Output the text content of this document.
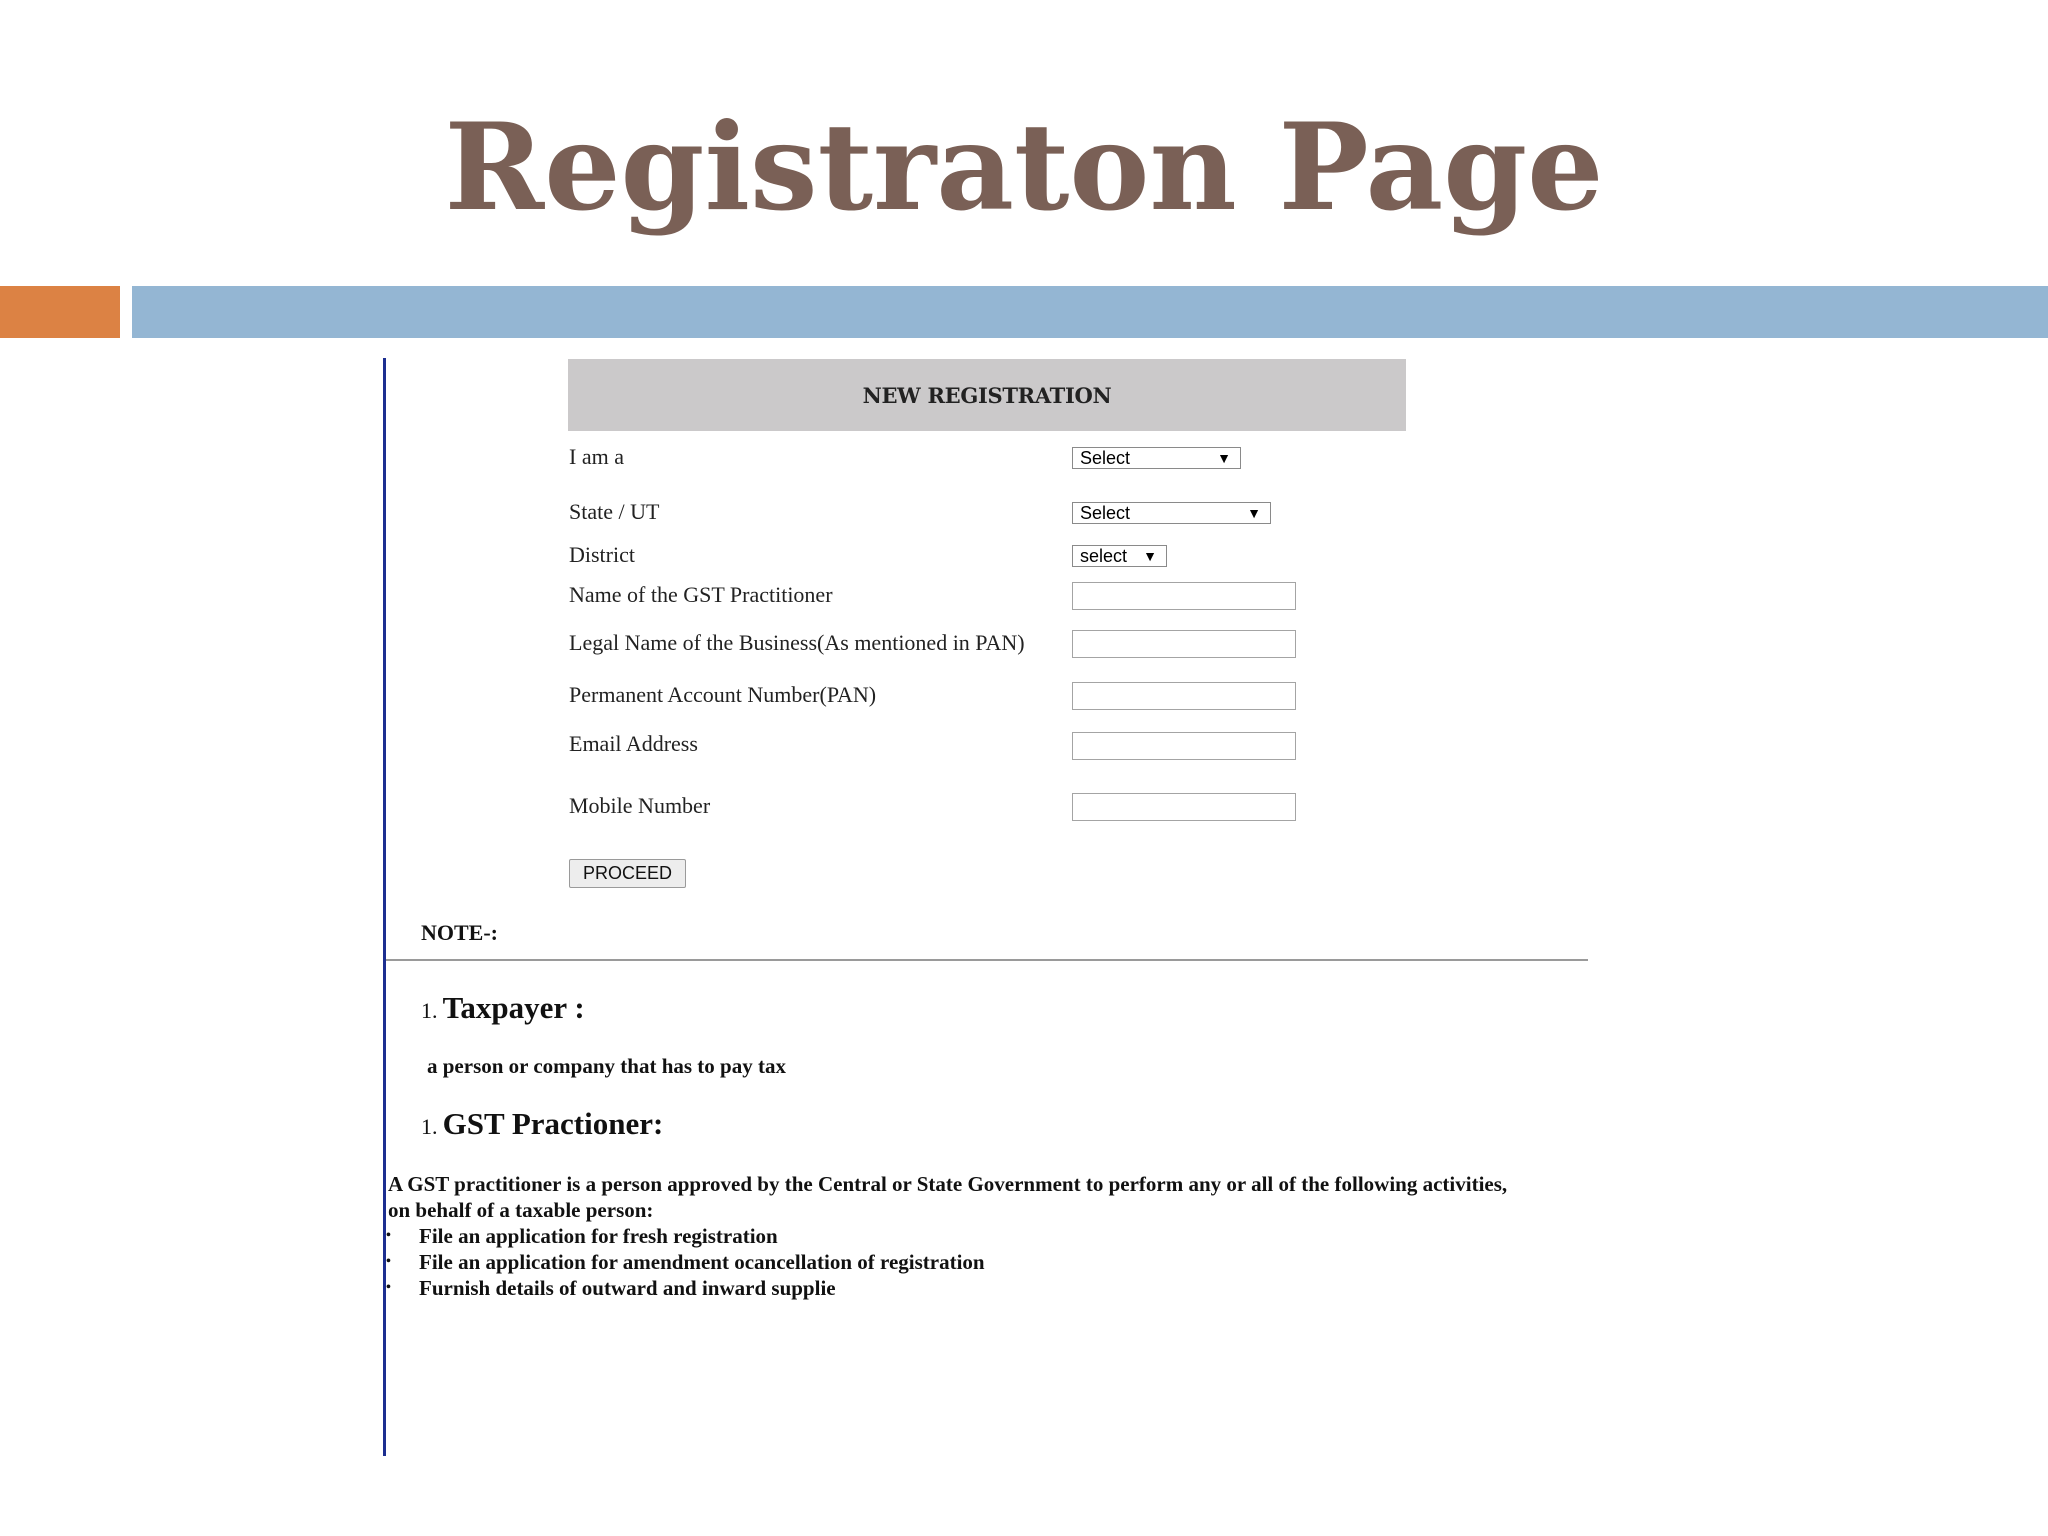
Registraton Page
NEW REGISTRATION
I am a	Select	▼
State / UT	Select	▼
District	select ▼
Name of the GST Practitioner
Legal Name of the Business(As mentioned in PAN)
Permanent Account Number(PAN)
Email Address
Mobile Number
PROCEED
NOTE-:
1. Taxpayer :
a person or company that has to pay tax
1. GST Practioner:
A GST practitioner is a person approved by the Central or State Government to perform any or all of the following activities, on behalf of a taxable person:
• File an application for fresh registration
• File an application for amendment ocancellation of registration
• Furnish details of outward and inward supplie
